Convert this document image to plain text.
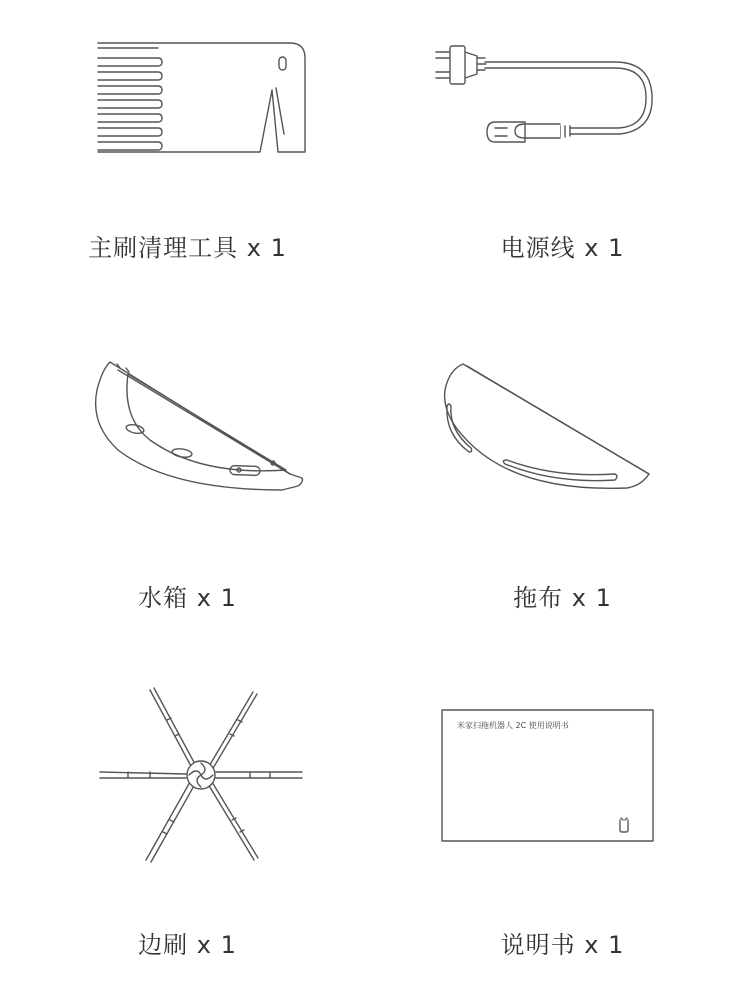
主刷清理工具 x 1	电源线 x 1
水箱 x 1	拖布 x 1
边刷 x 1
米家扫拖机器人 2C 使用说明书
说明书 x 1
